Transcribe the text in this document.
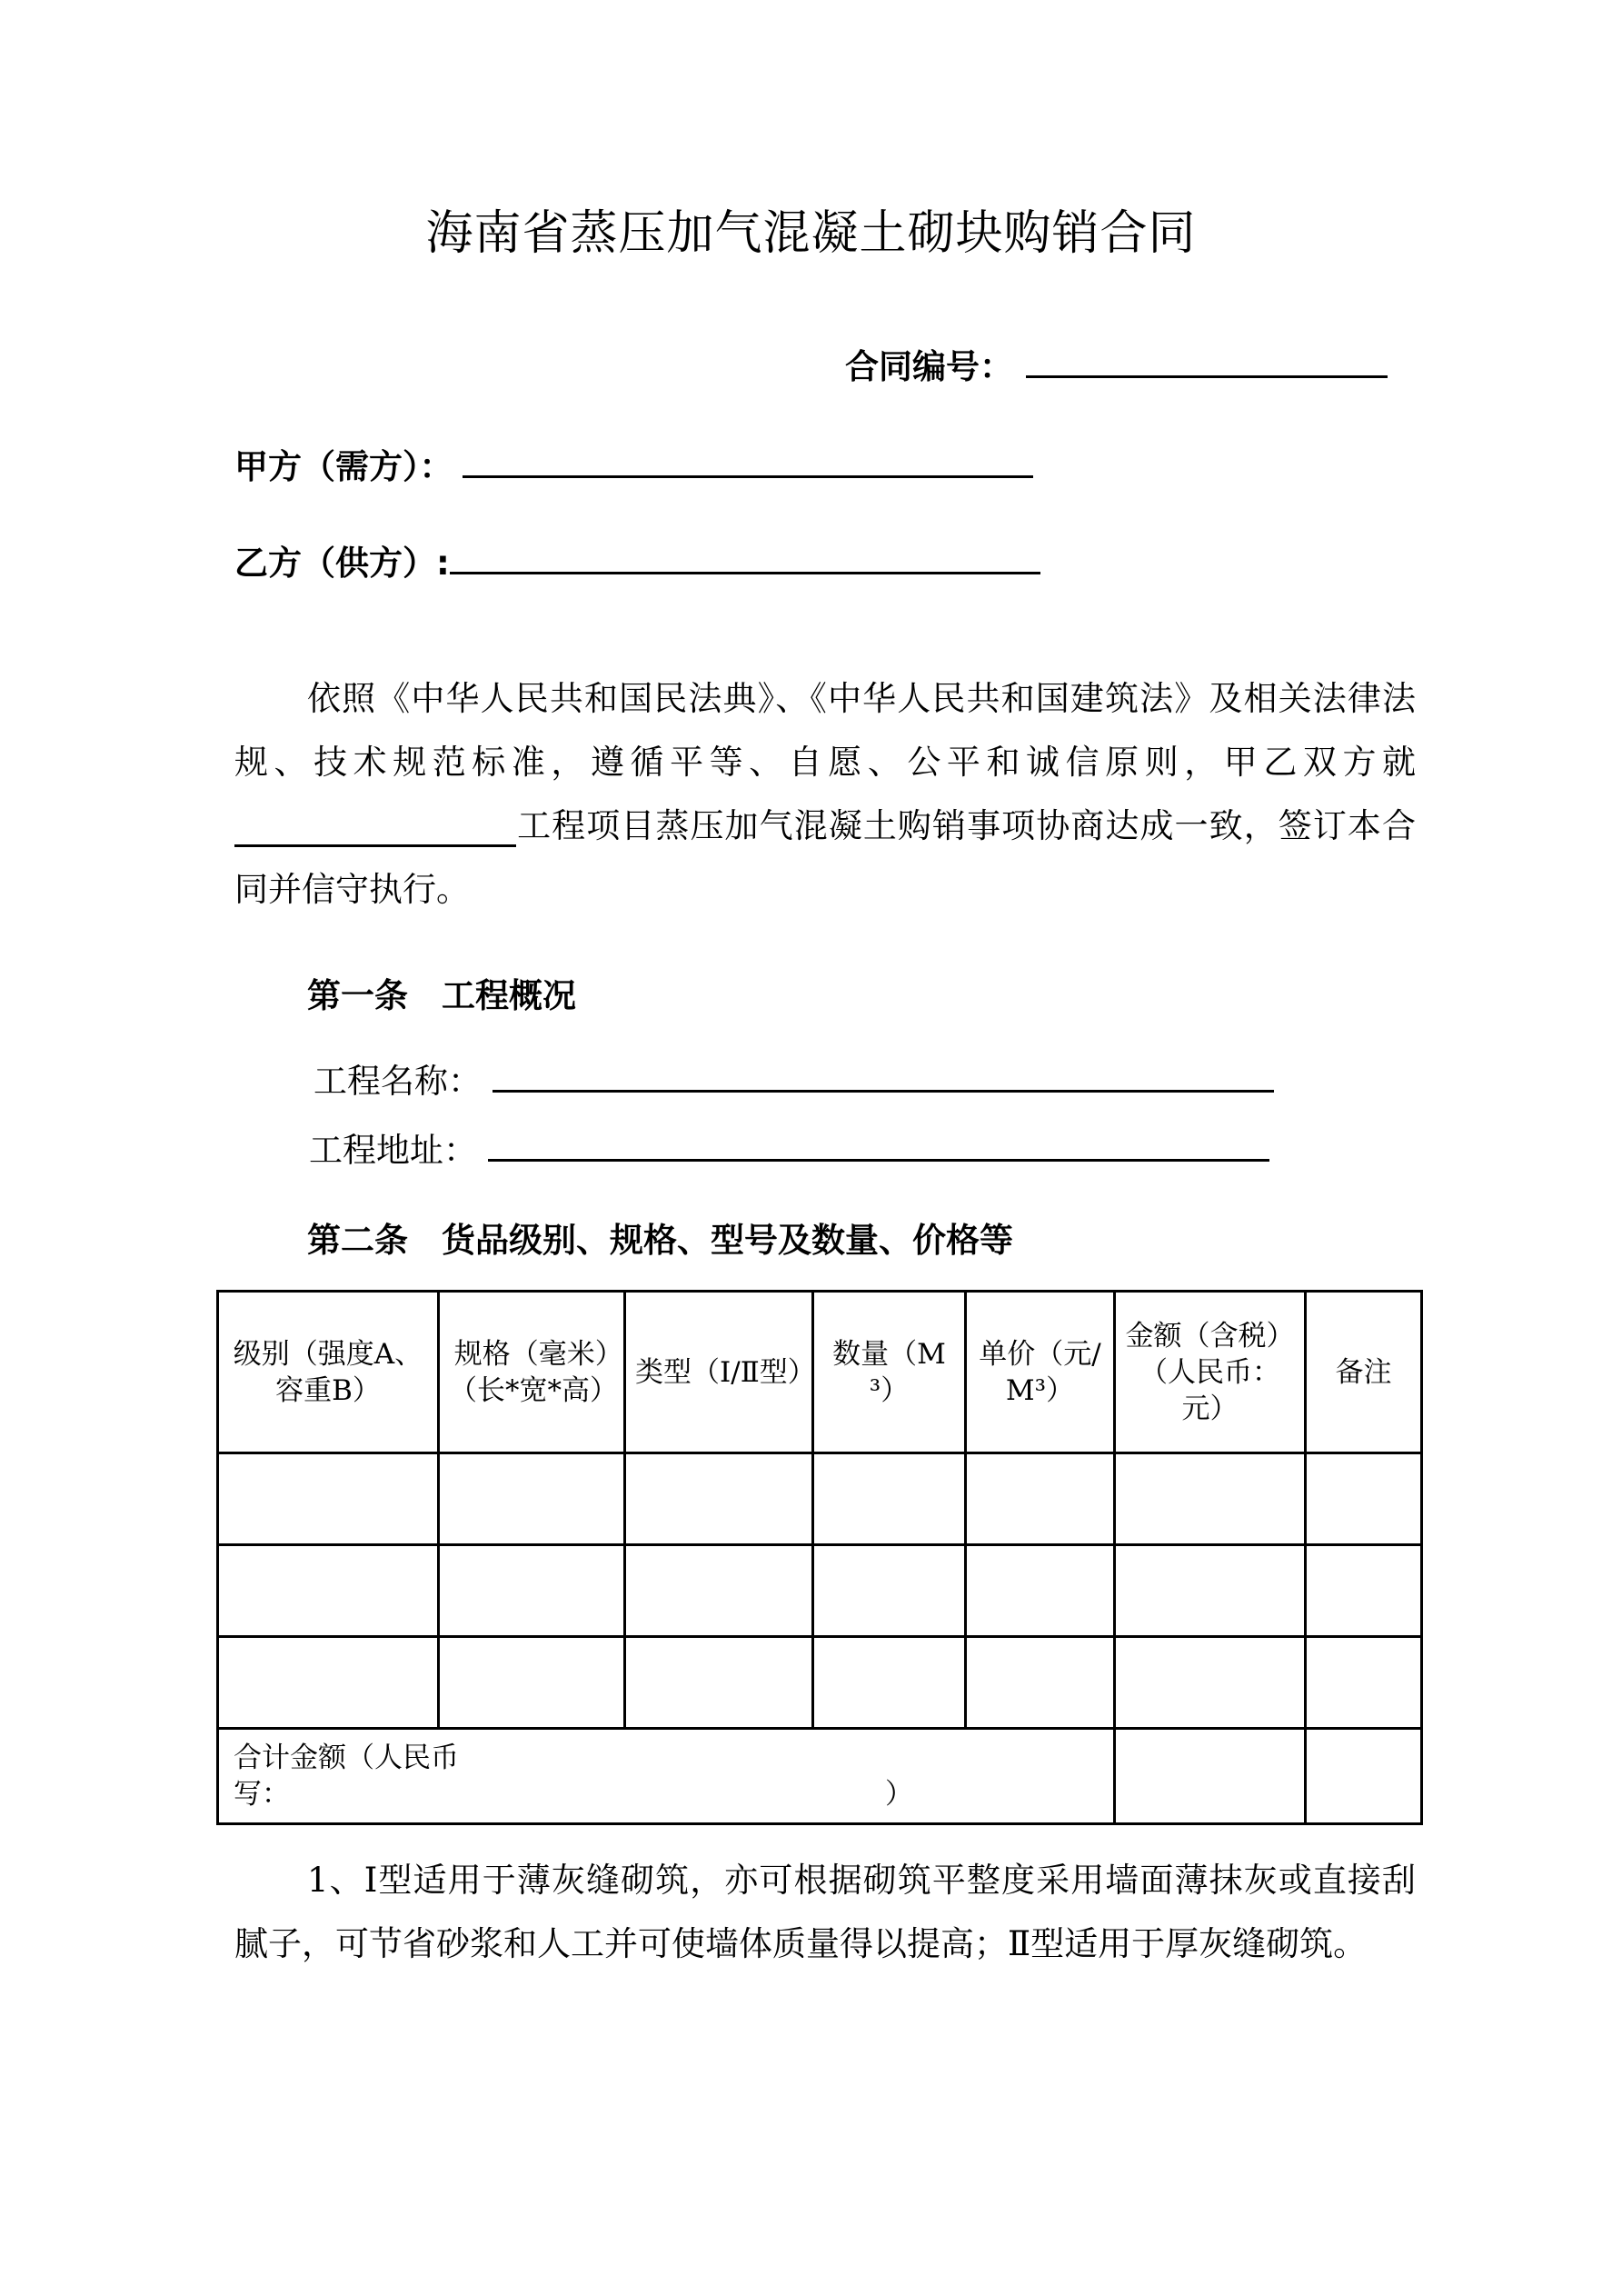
海南省蒸压加气混凝土砌块购销合同
合同编号：
甲方（需方）：
乙方（供方）:
依照《中华人民共和国民法典》、《中华人民共和国建筑法》及相关法律法规、技术规范标准，遵循平等、自愿、公平和诚信原则，甲乙双方就工程项目蒸压加气混凝土购销事项协商达成一致，签订本合同并信守执行。
第一条　工程概况
工程名称：
工程地址：
第二条　货品级别、规格、型号及数量、价格等
级别（强度A、容重B）	规格（毫米）（长*宽*高）	类型（Ⅰ/Ⅱ型）	数量（M³）	单价（元/M³）	金额（含税）（人民币：元）	备注

合计金额（人民币
写： ）						

1、Ⅰ型适用于薄灰缝砌筑，亦可根据砌筑平整度采用墙面薄抹灰或直接刮腻子，可节省砂浆和人工并可使墙体质量得以提高；Ⅱ型适用于厚灰缝砌筑。
